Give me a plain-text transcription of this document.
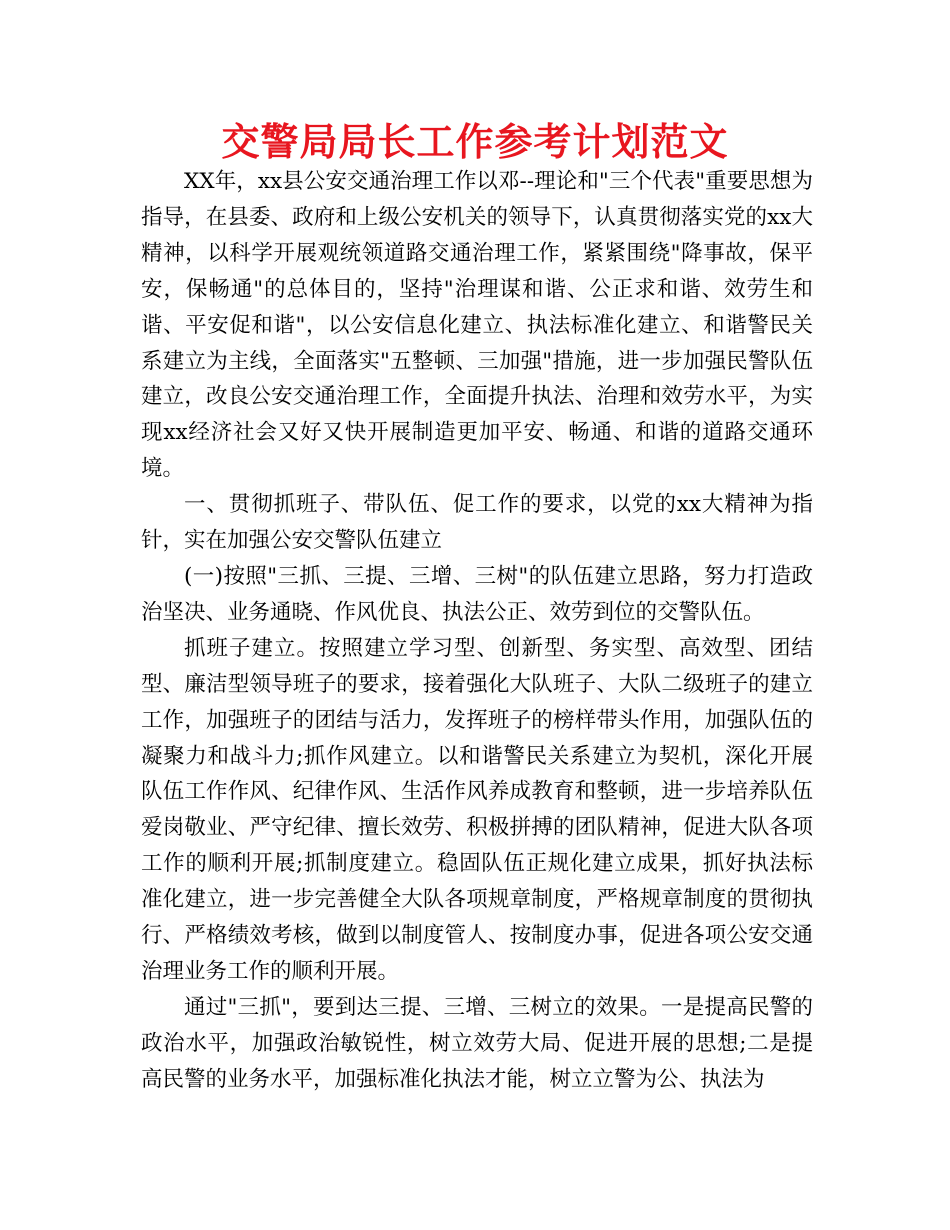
交警局局长工作参考计划范文

XX年，xx县公安交通治理工作以邓--理论和"三个代表"重要思想为指导，在县委、政府和上级公安机关的领导下，认真贯彻落实党的xx大精神，以科学开展观统领道路交通治理工作，紧紧围绕"降事故，保平安，保畅通"的总体目的，坚持"治理谋和谐、公正求和谐、效劳生和谐、平安促和谐"，以公安信息化建立、执法标准化建立、和谐警民关系建立为主线，全面落实"五整顿、三加强"措施，进一步加强民警队伍建立，改良公安交通治理工作，全面提升执法、治理和效劳水平，为实现xx经济社会又好又快开展制造更加平安、畅通、和谐的道路交通环境。

一、贯彻抓班子、带队伍、促工作的要求，以党的xx大精神为指针，实在加强公安交警队伍建立

(一)按照"三抓、三提、三增、三树"的队伍建立思路，努力打造政治坚决、业务通晓、作风优良、执法公正、效劳到位的交警队伍。

抓班子建立。按照建立学习型、创新型、务实型、高效型、团结型、廉洁型领导班子的要求，接着强化大队班子、大队二级班子的建立工作，加强班子的团结与活力，发挥班子的榜样带头作用，加强队伍的凝聚力和战斗力;抓作风建立。以和谐警民关系建立为契机，深化开展队伍工作作风、纪律作风、生活作风养成教育和整顿，进一步培养队伍爱岗敬业、严守纪律、擅长效劳、积极拼搏的团队精神，促进大队各项工作的顺利开展;抓制度建立。稳固队伍正规化建立成果，抓好执法标准化建立，进一步完善健全大队各项规章制度，严格规章制度的贯彻执行、严格绩效考核，做到以制度管人、按制度办事，促进各项公安交通治理业务工作的顺利开展。

通过"三抓"，要到达三提、三增、三树立的效果。一是提高民警的政治水平，加强政治敏锐性，树立效劳大局、促进开展的思想;二是提高民警的业务水平，加强标准化执法才能，树立立警为公、执法为
